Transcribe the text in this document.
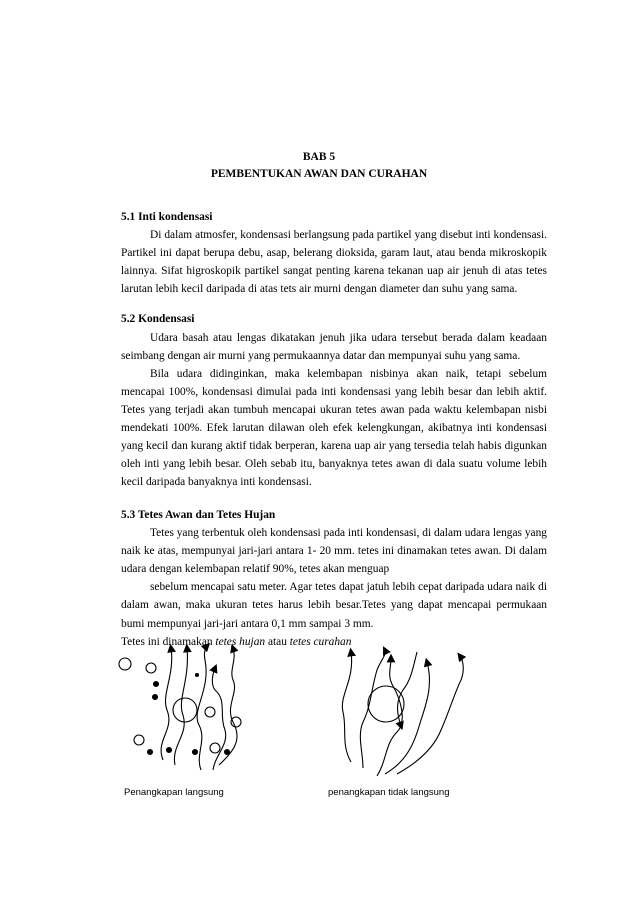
BAB 5

PEMBENTUKAN AWAN DAN CURAHAN
5.1 Inti kondensasi

Di dalam atmosfer, kondensasi berlangsung pada partikel yang disebut inti kondensasi. Partikel ini dapat berupa debu, asap, belerang dioksida, garam laut, atau benda mikroskopik lainnya. Sifat higroskopik partikel sangat penting karena tekanan uap air jenuh di atas tetes larutan lebih kecil daripada di atas tets air murni dengan diameter dan suhu yang sama.

5.2 Kondensasi

Udara basah atau lengas dikatakan jenuh jika udara tersebut berada dalam keadaan seimbang dengan air murni yang permukaannya datar dan mempunyai suhu yang sama.

Bila udara didinginkan, maka kelembapan nisbinya akan naik, tetapi sebelum mencapai 100%, kondensasi dimulai pada inti kondensasi yang lebih besar dan lebih aktif. Tetes yang terjadi akan tumbuh mencapai ukuran tetes awan pada waktu kelembapan nisbi mendekati 100%. Efek larutan dilawan oleh efek kelengkungan, akibatnya inti kondensasi yang kecil dan kurang aktif tidak berperan, karena uap air yang tersedia telah habis digunkan oleh inti yang lebih besar. Oleh sebab itu, banyaknya tetes awan di dala suatu volume lebih kecil daripada banyaknya inti kondensasi.

5.3 Tetes Awan dan Tetes Hujan

Tetes yang terbentuk oleh kondensasi pada inti kondensasi, di dalam udara lengas yang naik ke atas, mempunyai jari-jari antara 1- 20 mm. tetes ini dinamakan tetes awan. Di dalam udara dengan kelembapan relatif 90%, tetes akan menguap

sebelum mencapai satu meter. Agar tetes dapat jatuh lebih cepat daripada udara naik di dalam awan, maka ukuran tetes harus lebih besar.Tetes yang dapat mencapai permukaan bumi mempunyai jari-jari antara 0,1 mm sampai 3 mm.

Tetes ini dinamakan tetes hujan atau tetes curahan

Penangkapan langsung	penangkapan tidak langsung
